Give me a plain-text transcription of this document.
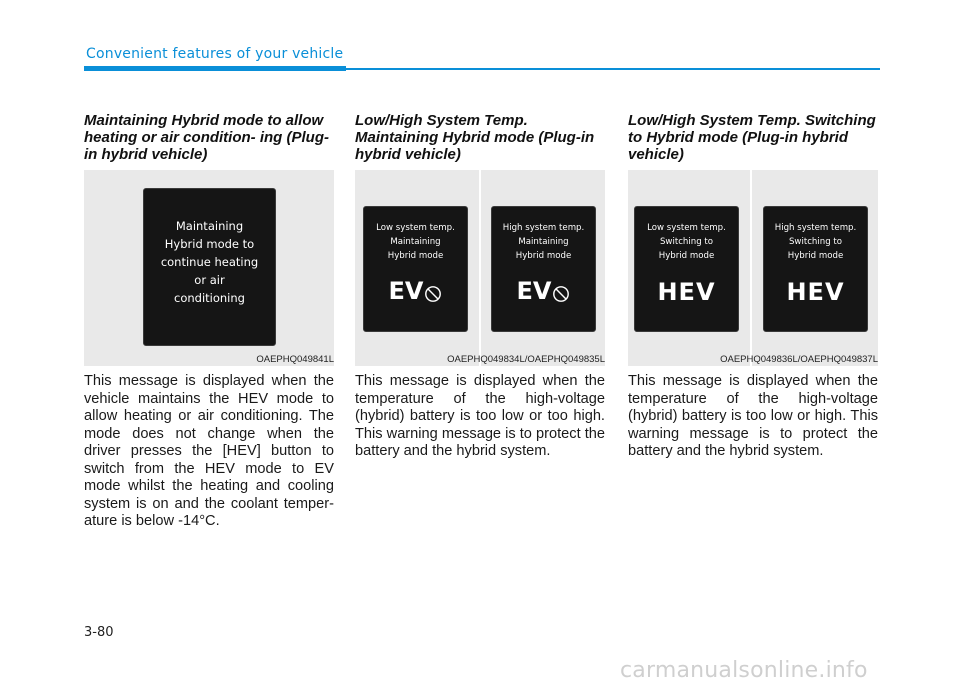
Convenient features of your vehicle
Maintaining Hybrid mode to allow heating or air condition- ing (Plug-in hybrid vehicle)
Maintaining
Hybrid mode to
continue heating
or air
conditioning
OAEPHQ049841L
This message is displayed when the vehicle maintains the HEV mode to allow heating or air conditioning. The mode does not change when the driver presses the [HEV] button to switch from the HEV mode to EV mode whilst the heating and cooling system is on and the coolant temper- ature is below -14°C.
Low/High System Temp. Maintaining Hybrid mode (Plug-in hybrid vehicle)
Low system temp.
Maintaining
Hybrid mode
EV
High system temp.
Maintaining
Hybrid mode
EV
OAEPHQ049834L/OAEPHQ049835L
This message is displayed when the temperature of the high-voltage (hybrid) battery is too low or too high. This warning message is to protect the battery and the hybrid system.
Low/High System Temp. Switching to Hybrid mode (Plug-in hybrid vehicle)
Low system temp.
Switching to
Hybrid mode
HEV
High system temp.
Switching to
Hybrid mode
HEV
OAEPHQ049836L/OAEPHQ049837L
This message is displayed when the temperature of the high-voltage (hybrid) battery is too low or high. This warning message is to protect the battery and the hybrid system.
3-80
carmanualsonline.info
